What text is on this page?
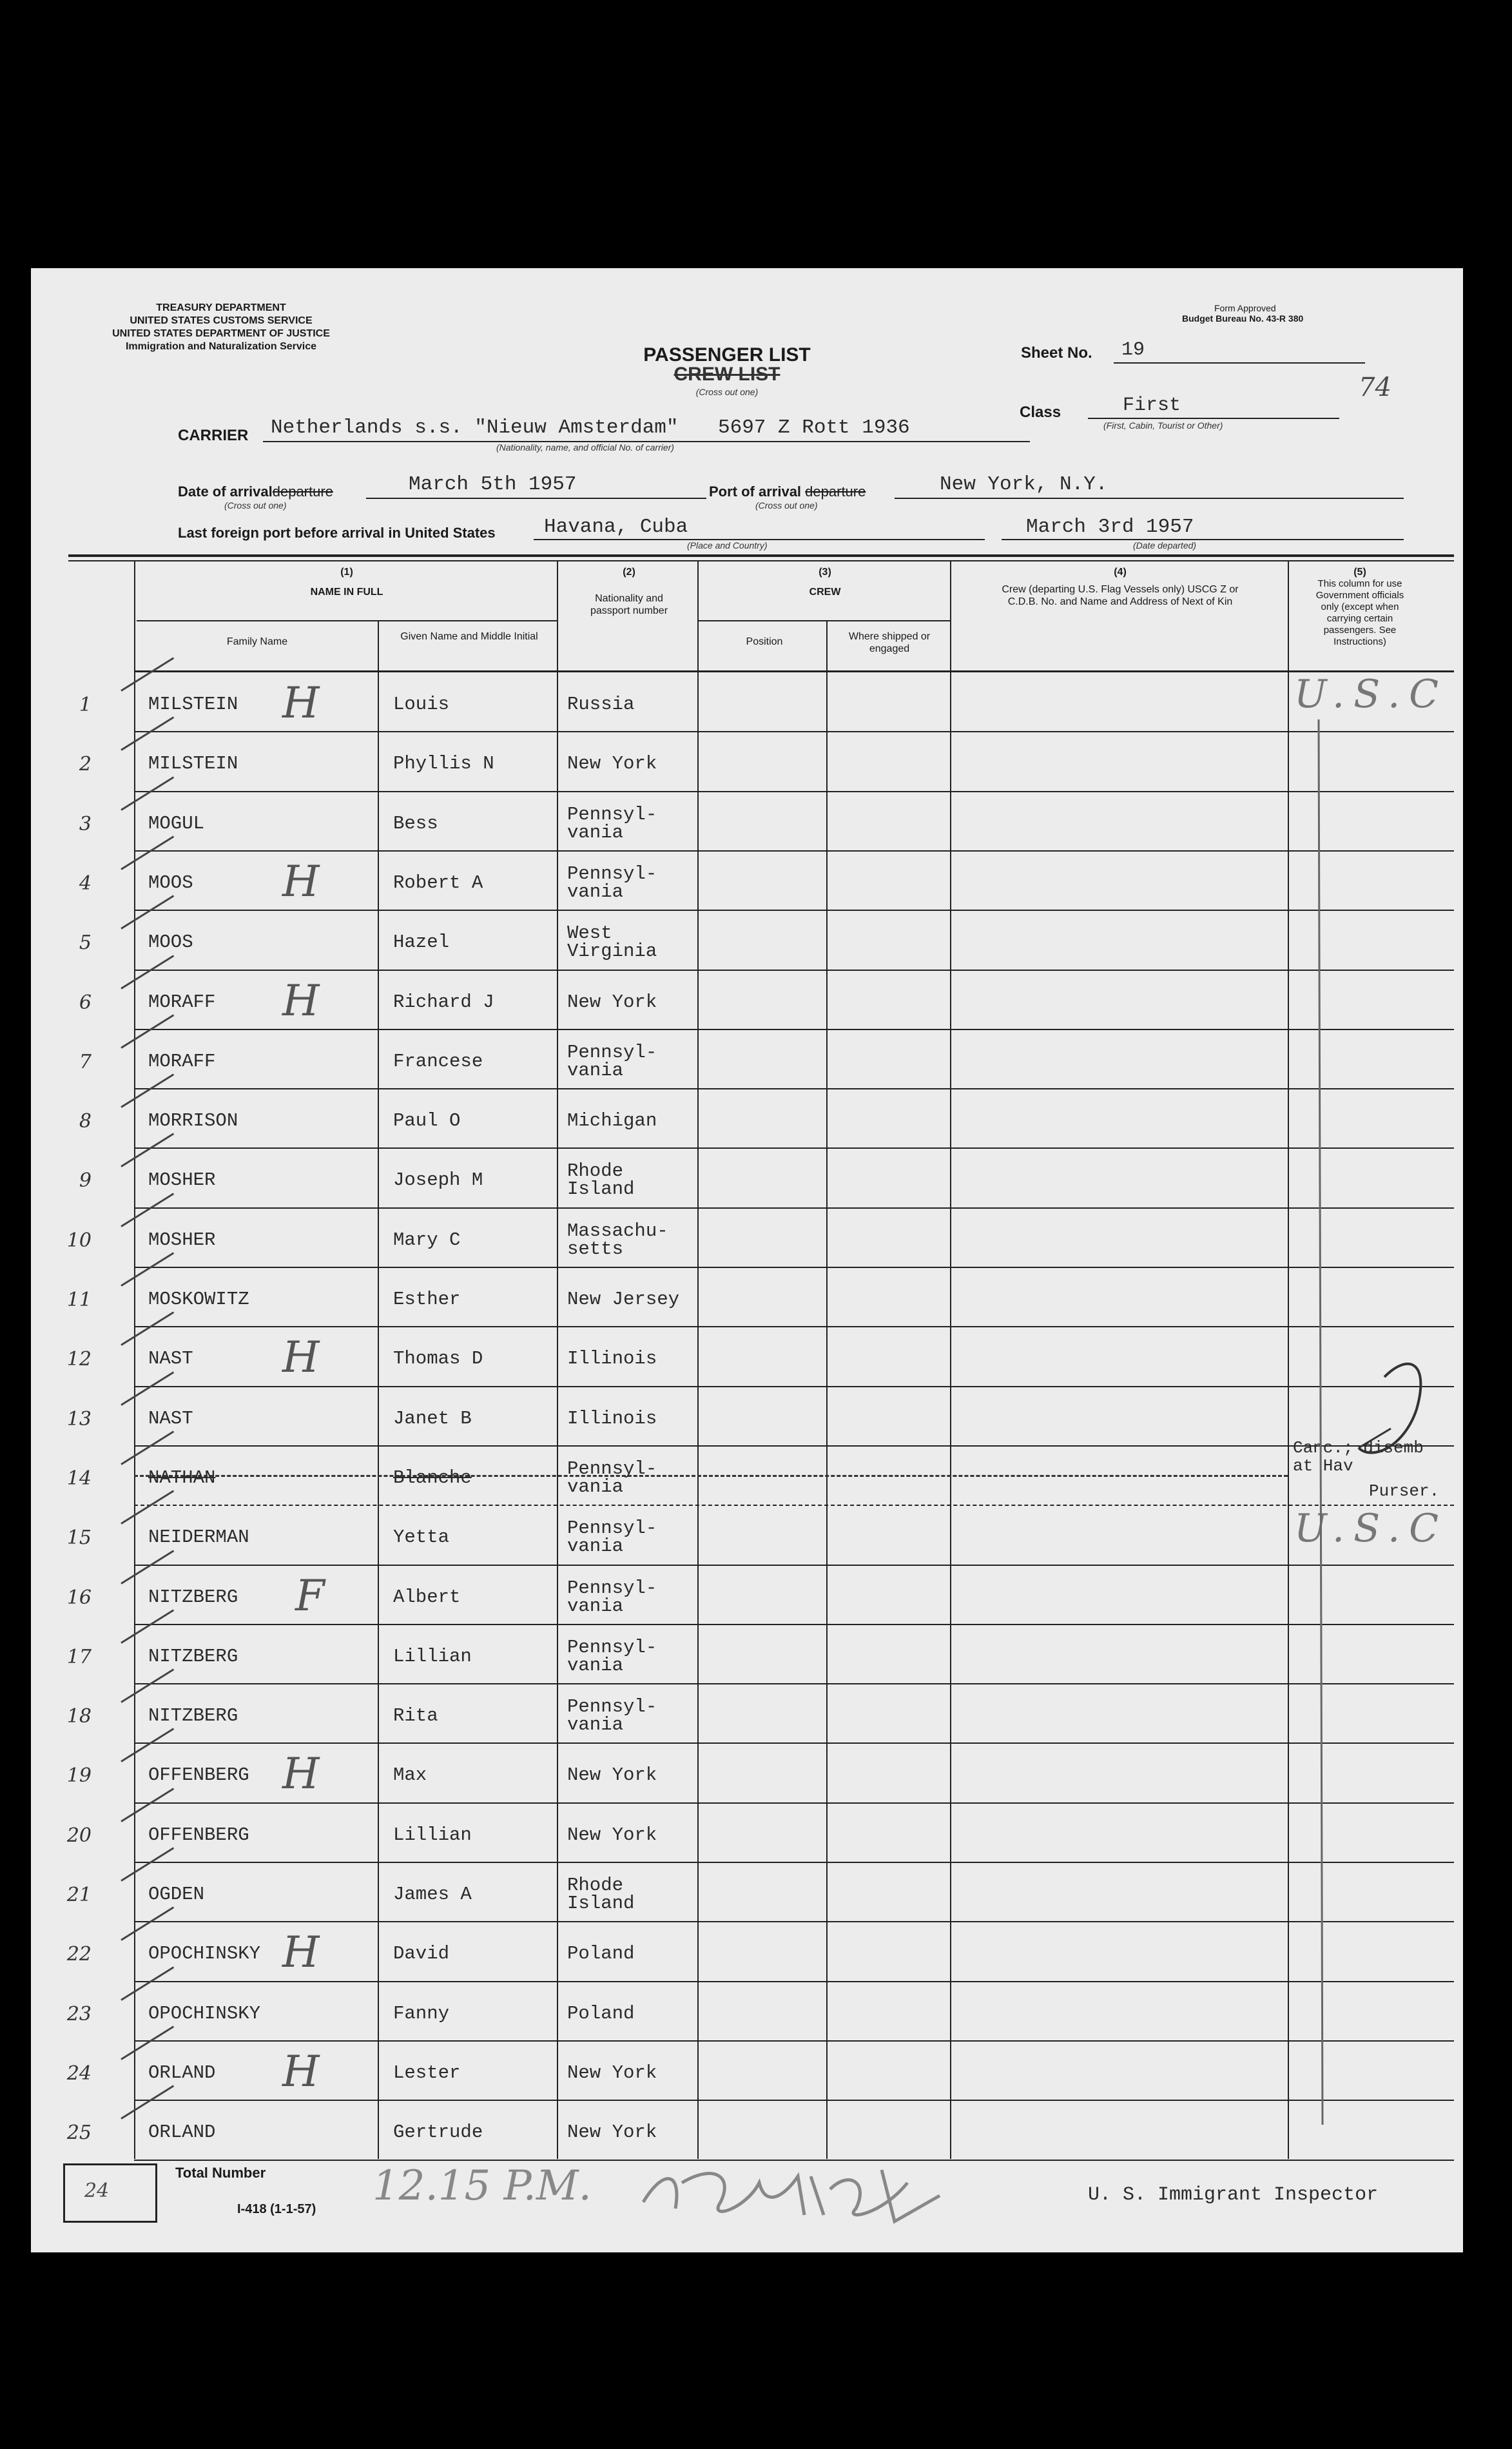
TREASURY DEPARTMENT
UNITED STATES CUSTOMS SERVICE
UNITED STATES DEPARTMENT OF JUSTICE
Immigration and Naturalization Service
Form Approved
Budget Bureau No. 43-R 380
PASSENGER LIST
CREW LIST
(Cross out one)
Sheet No. 19
74
Class	First
(First, Cabin, Tourist or Other)
CARRIER Netherlands s.s. "Nieuw Amsterdam" 5697 Z Rott 1936
(Nationality, name, and official No. of carrier)
Date of arrivaldeparture
(Cross out one)
March 5th 1957	Port of arrival departure
(Cross out one)
New York, N.Y.
Last foreign port before arrival in United States Havana, Cuba
(Place and Country)
March 3rd 1957
(Date departed)
(1)
NAME IN FULL
Family Name	Given Name and Middle Initial
(2)
Nationality and passport number
(3)
CREW
Position	Where shipped or engaged
(4)
Crew (departing U.S. Flag Vessels only) USCG Z or C.D.B. No. and Name and Address of Next of Kin
(5)
This column for use Government officials only (except when carrying certain passengers. See Instructions)
1	MILSTEIN	Louis	Russia
H
2	MILSTEIN	Phyllis N	New York
3	MOGUL	Bess	Pennsyl-
vania
4	MOOS	Robert A	Pennsyl-
vania
H
5	MOOS	Hazel	West
Virginia
6	MORAFF	Richard J	New York
H
7	MORAFF	Francese	Pennsyl-
vania
8	MORRISON	Paul O	Michigan
9	MOSHER	Joseph M	Rhode
Island
10	MOSHER	Mary C	Massachu-
setts
11	MOSKOWITZ	Esther	New Jersey
12	NAST	Thomas D	Illinois
H
13	NAST	Janet B	Illinois
14	NATHAN	Blanche	Pennsyl-
vania
15	NEIDERMAN	Yetta	Pennsyl-
vania
16	NITZBERG	Albert	Pennsyl-
vania
F
17	NITZBERG	Lillian	Pennsyl-
vania
18	NITZBERG	Rita	Pennsyl-
vania
19	OFFENBERG	Max	New York
H
20	OFFENBERG	Lillian	New York
21	OGDEN	James A	Rhode
Island
22	OPOCHINSKY	David	Poland
H
23	OPOCHINSKY	Fanny	Poland
24	ORLAND	Lester	New York
H
25	ORLAND	Gertrude	New York
U.S.C
U.S.C
Canc.; disemb
at Hav
Purser.
24
Total Number
I-418 (1-1-57) 12.15 P.M.	U. S. Immigrant Inspector
